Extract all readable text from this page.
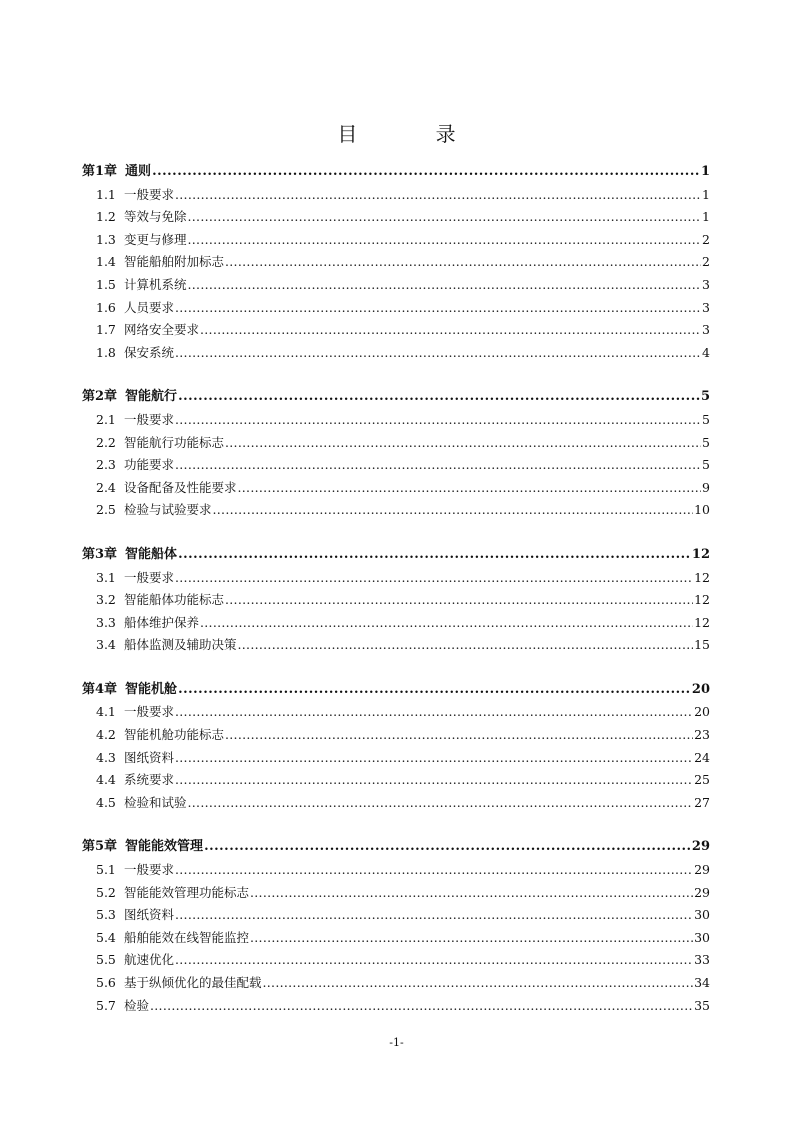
目 录
第1章 通则 .....	1
1.1 一般要求 .....	1
1.2 等效与免除 .....	1
1.3 变更与修理 .....	2
1.4 智能船舶附加标志 .....	2
1.5 计算机系统 .....	3
1.6 人员要求 .....	3
1.7 网络安全要求 .....	3
1.8 保安系统 .....	4
第2章 智能航行 .....	5
2.1 一般要求 .....	5
2.2 智能航行功能标志 .....	5
2.3 功能要求 .....	5
2.4 设备配备及性能要求 .....	9
2.5 检验与试验要求 .....	10
第3章 智能船体 .....	12
3.1 一般要求 .....	12
3.2 智能船体功能标志 .....	12
3.3 船体维护保养 .....	12
3.4 船体监测及辅助决策 .....	15
第4章 智能机舱 .....	20
4.1 一般要求 .....	20
4.2 智能机舱功能标志 .....	23
4.3 图纸资料 .....	24
4.4 系统要求 .....	25
4.5 检验和试验 .....	27
第5章 智能能效管理 .....	29
5.1 一般要求 .....	29
5.2 智能能效管理功能标志 .....	29
5.3 图纸资料 .....	30
5.4 船舶能效在线智能监控 .....	30
5.5 航速优化 .....	33
5.6 基于纵倾优化的最佳配载 .....	34
5.7 检验 .....	35
-1-
